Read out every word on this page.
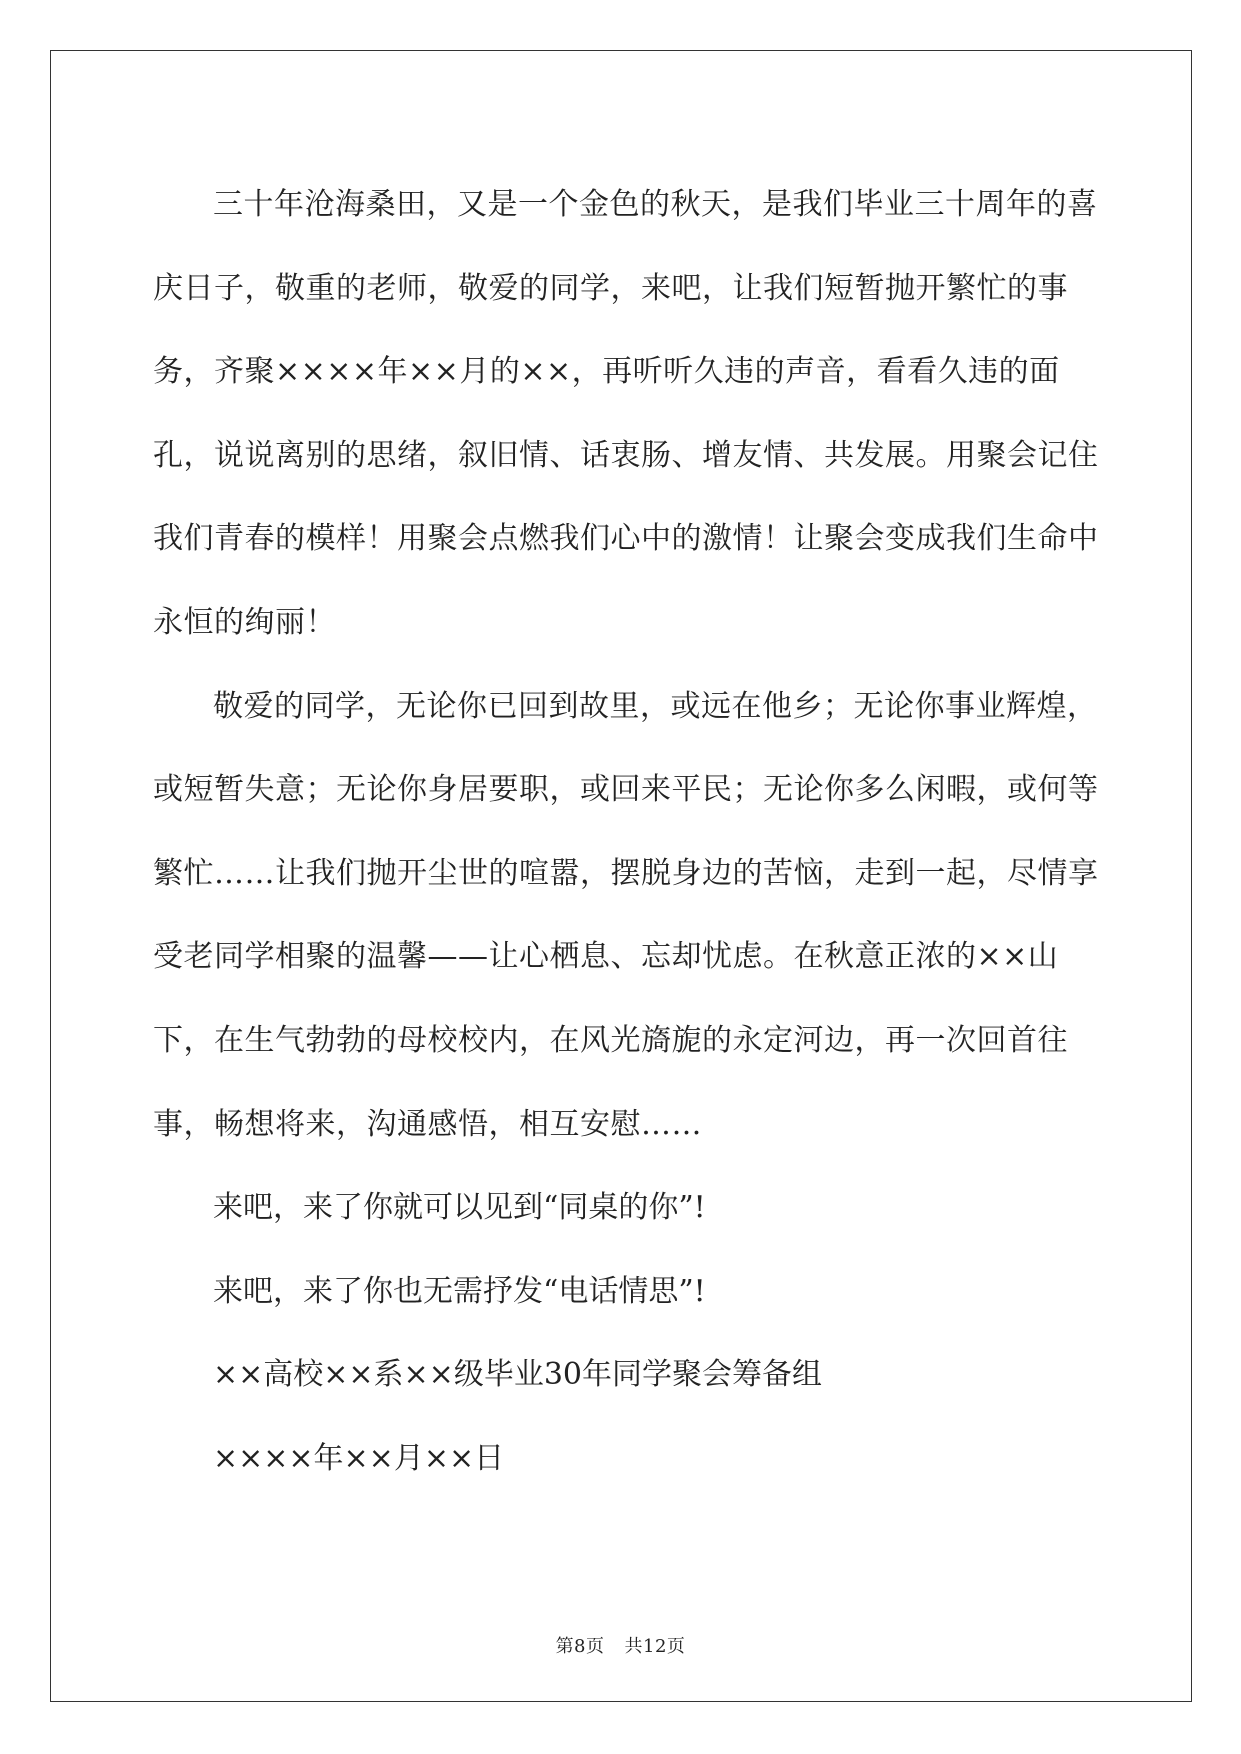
三十年沧海桑田，又是一个金色的秋天，是我们毕业三十周年的喜庆日子，敬重的老师，敬爱的同学，来吧，让我们短暂抛开繁忙的事务，齐聚××××年××月的××，再听听久违的声音，看看久违的面孔，说说离别的思绪，叙旧情、话衷肠、增友情、共发展。用聚会记住我们青春的模样！用聚会点燃我们心中的激情！让聚会变成我们生命中永恒的绚丽！

敬爱的同学，无论你已回到故里，或远在他乡；无论你事业辉煌，或短暂失意；无论你身居要职，或回来平民；无论你多么闲暇，或何等繁忙……让我们抛开尘世的喧嚣，摆脱身边的苦恼，走到一起，尽情享受老同学相聚的温馨——让心栖息、忘却忧虑。在秋意正浓的××山下，在生气勃勃的母校校内，在风光旖旎的永定河边，再一次回首往事，畅想将来，沟通感悟，相互安慰……

来吧，来了你就可以见到“同桌的你”!

来吧，来了你也无需抒发“电话情思”!

××高校××系××级毕业30年同学聚会筹备组

××××年××月××日

第8页 共12页
